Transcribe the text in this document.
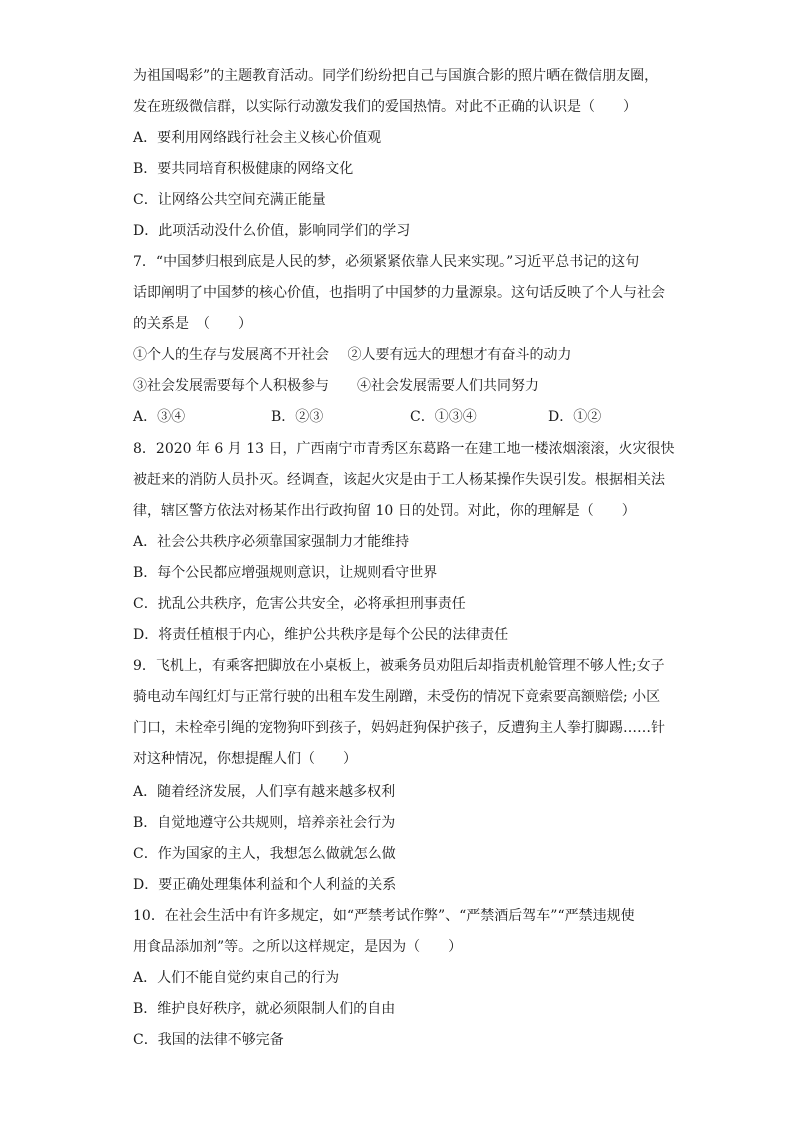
为祖国喝彩”的主题教育活动。同学们纷纷把自己与国旗合影的照片晒在微信朋友圈，
发在班级微信群，以实际行动激发我们的爱国热情。对此不正确的认识是（　　）
A．要利用网络践行社会主义核心价值观
B．要共同培育积极健康的网络文化
C．让网络公共空间充满正能量
D．此项活动没什么价值，影响同学们的学习
7．“中国梦归根到底是人民的梦，必须紧紧依靠人民来实现。”习近平总书记的这句
话即阐明了中国梦的核心价值，也指明了中国梦的力量源泉。这句话反映了个人与社会
的关系是　（　　）
①个人的生存与发展离不开社会　 ②人要有远大的理想才有奋斗的动力
③社会发展需要每个人积极参与　　④社会发展需要人们共同努力
A．③④	B．②③	C．①③④	D．①②
8．2020 年 6 月 13 日，广西南宁市青秀区东葛路一在建工地一楼浓烟滚滚，火灾很快
被赶来的消防人员扑灭。经调查，该起火灾是由于工人杨某操作失误引发。根据相关法
律，辖区警方依法对杨某作出行政拘留 10 日的处罚。对此，你的理解是（　　）
A．社会公共秩序必须靠国家强制力才能维持
B．每个公民都应增强规则意识，让规则看守世界
C．扰乱公共秩序，危害公共安全，必将承担刑事责任
D．将责任植根于内心，维护公共秩序是每个公民的法律责任
9．飞机上，有乘客把脚放在小桌板上，被乘务员劝阻后却指责机舱管理不够人性;女子
骑电动车闯红灯与正常行驶的出租车发生剐蹭，未受伤的情况下竟索要高额赔偿; 小区
门口，未栓牵引绳的宠物狗吓到孩子，妈妈赶狗保护孩子，反遭狗主人拳打脚踢……针
对这种情况，你想提醒人们（　　）
A．随着经济发展，人们享有越来越多权利
B．自觉地遵守公共规则，培养亲社会行为
C．作为国家的主人，我想怎么做就怎么做
D．要正确处理集体利益和个人利益的关系
10．在社会生活中有许多规定，如“严禁考试作弊”、“严禁酒后驾车”“严禁违规使
用食品添加剂”等。之所以这样规定，是因为（　　）
A．人们不能自觉约束自己的行为
B．维护良好秩序，就必须限制人们的自由
C．我国的法律不够完备
